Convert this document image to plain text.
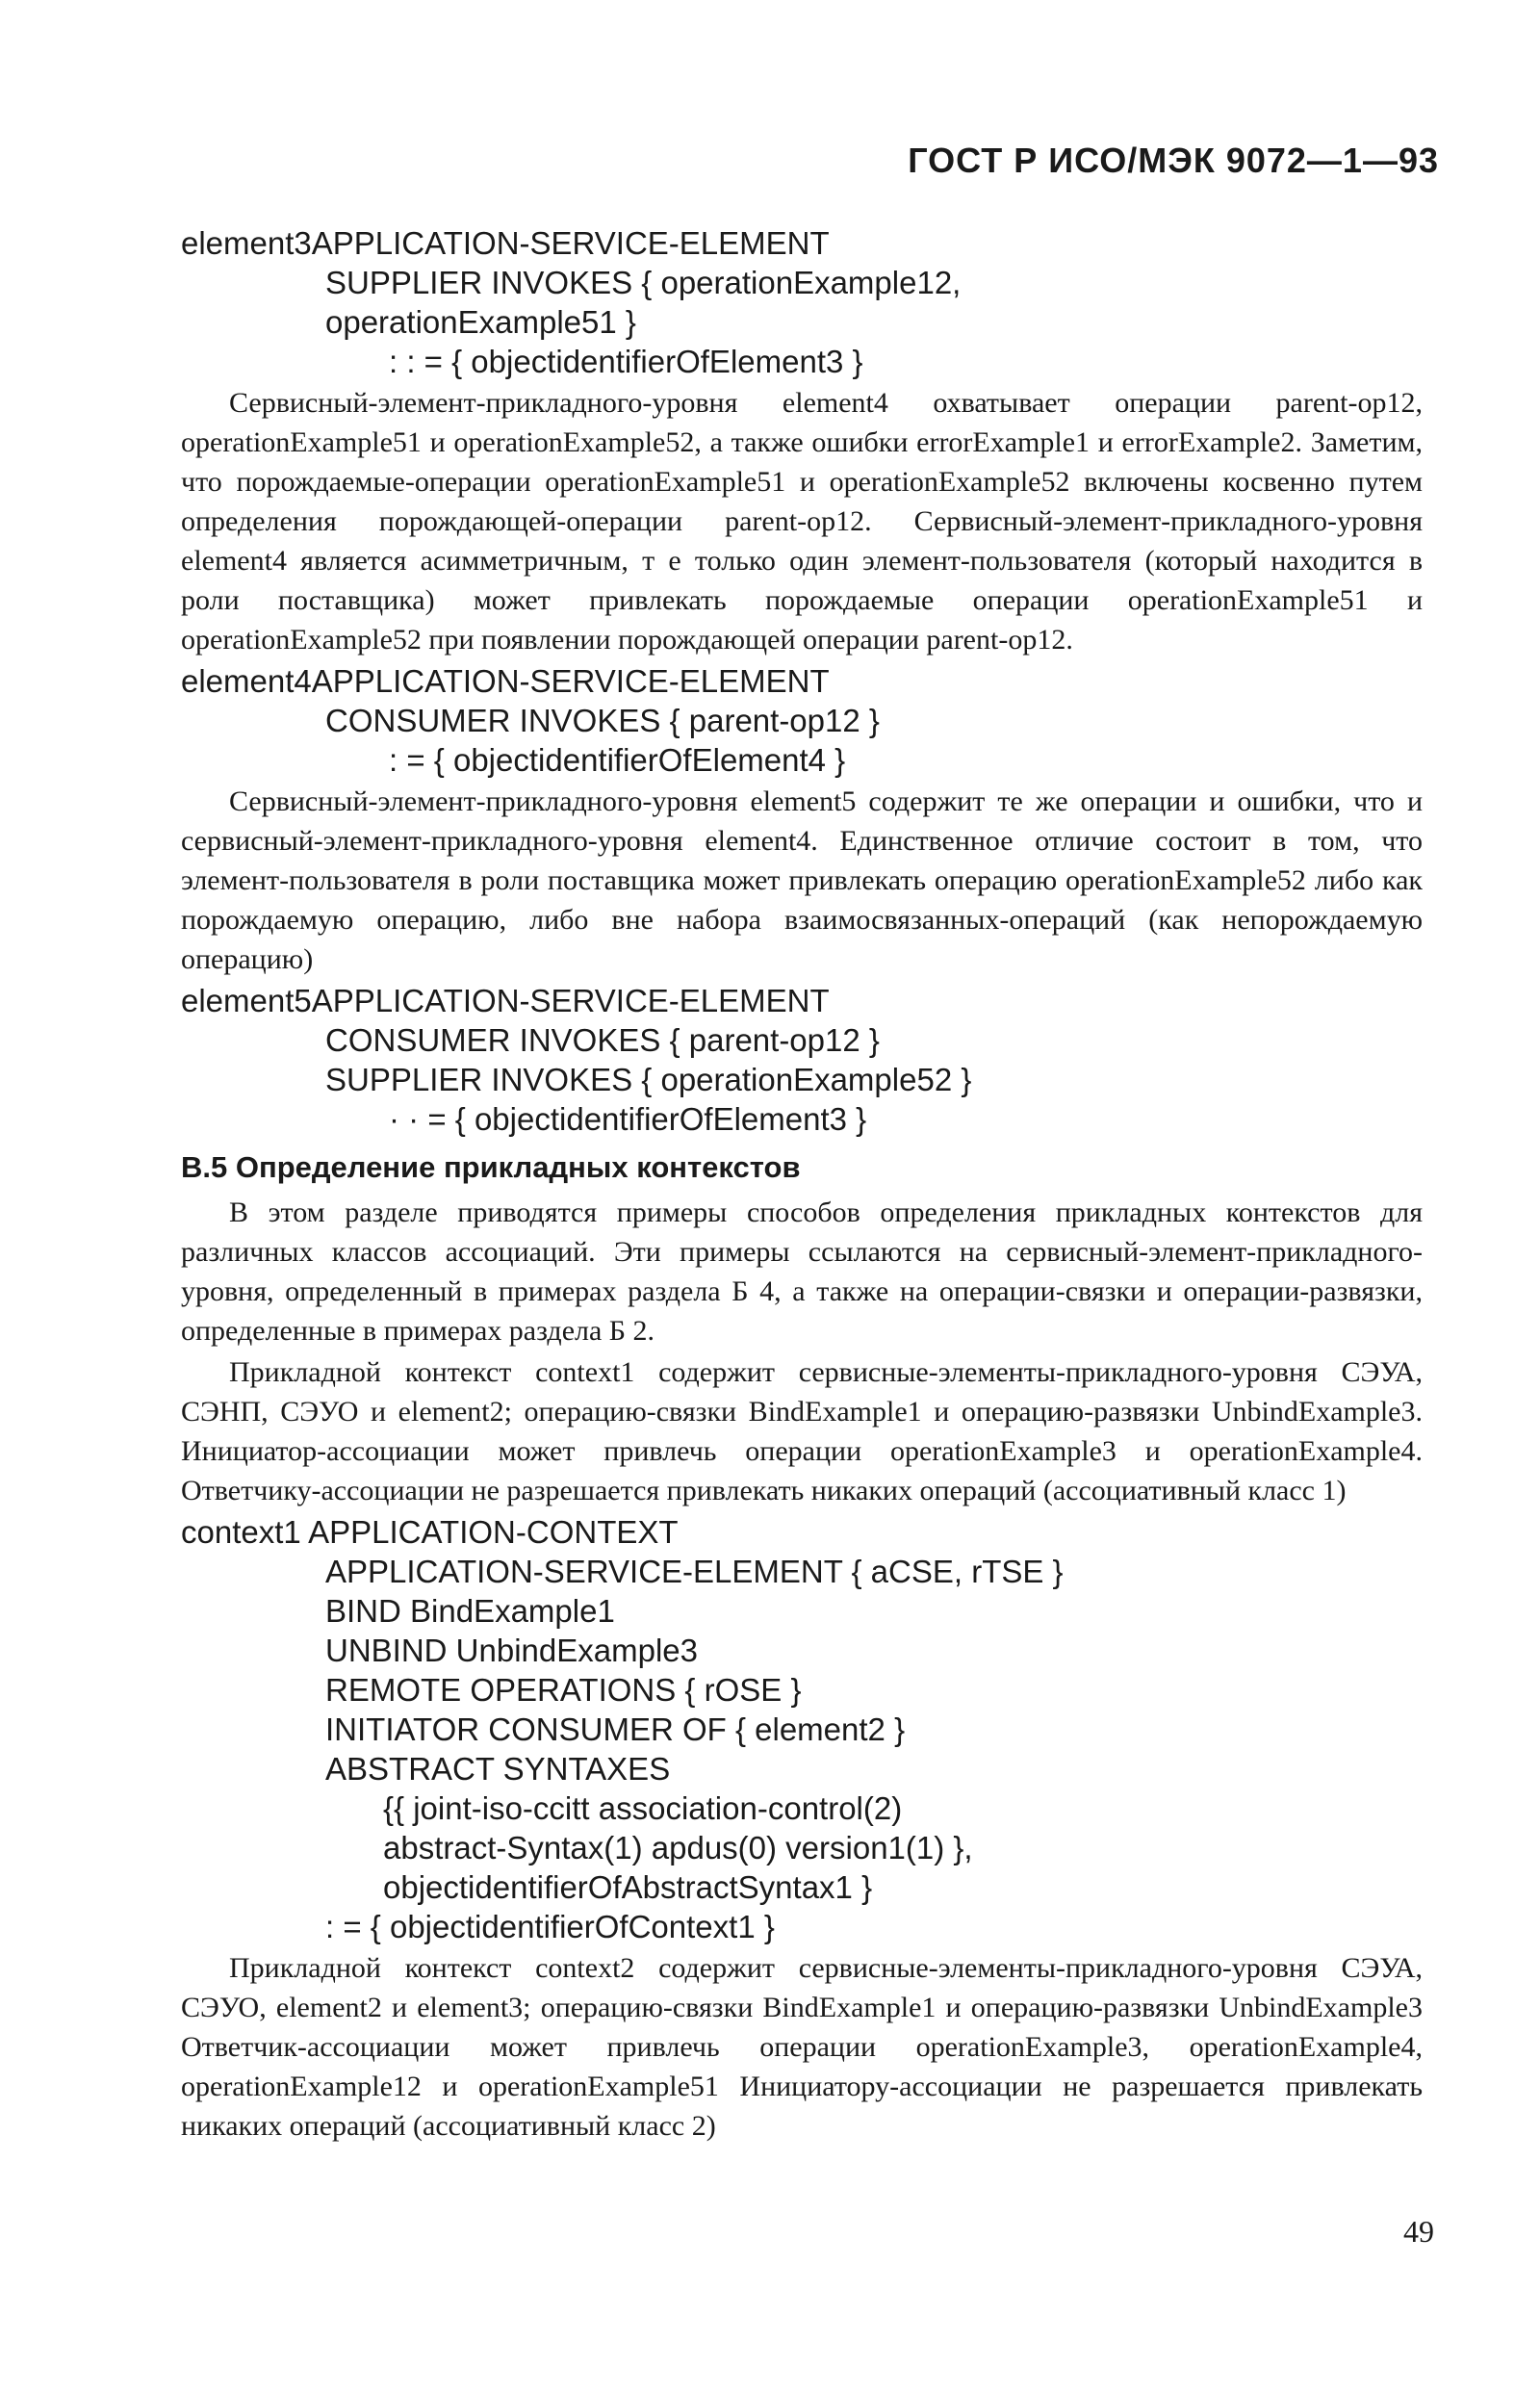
ГОСТ Р ИСО/МЭК 9072—1—93
element3APPLICATION-SERVICE-ELEMENT
SUPPLIER INVOKES { operationExample12,
operationExample51 }
: : = { objectidentifierOfElement3 }

Сервисный-элемент-прикладного-уровня element4 охватывает операции parent-op12, operationExample51 и operationExample52, а также ошибки errorExample1 и errorExample2. Заметим, что порождаемые-операции operationExample51 и operationExample52 включены косвенно путем определения порождающей-операции parent-op12. Сервисный-элемент-прикладного-уровня element4 является асимметричным, т е только один элемент-пользователя (который находится в роли поставщика) может привлекать порождаемые операции operationExample51 и operationExample52 при появлении порождающей операции parent-op12.

element4APPLICATION-SERVICE-ELEMENT
CONSUMER INVOKES { parent-op12 }
: = { objectidentifierOfElement4 }

Сервисный-элемент-прикладного-уровня element5 содержит те же операции и ошибки, что и сервисный-элемент-прикладного-уровня element4. Единственное отличие состоит в том, что элемент-пользователя в роли поставщика может привлекать операцию operationExample52 либо как порождаемую операцию, либо вне набора взаимосвязанных-операций (как непорождаемую операцию)

element5APPLICATION-SERVICE-ELEMENT
CONSUMER INVOKES { parent-op12 }
SUPPLIER INVOKES { operationExample52 }
· · = { objectidentifierOfElement3 }
B.5 Определение прикладных контекстов

В этом разделе приводятся примеры способов определения прикладных контекстов для различных классов ассоциаций. Эти примеры ссылаются на сервисный-элемент-прикладного-уровня, определенный в примерах раздела Б 4, а также на операции-связки и операции-развязки, определенные в примерах раздела Б 2.

Прикладной контекст context1 содержит сервисные-элементы-прикладного-уровня СЭУА, СЭНП, СЭУО и element2; операцию-связки BindExample1 и операцию-развязки UnbindExample3. Инициатор-ассоциации может привлечь операции operationExample3 и operationExample4. Ответчику-ассоциации не разрешается привлекать никаких операций (ассоциативный класс 1)

context1 APPLICATION-CONTEXT
APPLICATION-SERVICE-ELEMENT { aCSE, rTSE }
BIND BindExample1
UNBIND UnbindExample3
REMOTE OPERATIONS { rOSE }
INITIATOR CONSUMER OF { element2 }
ABSTRACT SYNTAXES
{{ joint-iso-ccitt association-control(2)
abstract-Syntax(1) apdus(0) version1(1) },
objectidentifierOfAbstractSyntax1 }
: = { objectidentifierOfContext1 }

Прикладной контекст context2 содержит сервисные-элементы-прикладного-уровня СЭУА, СЭУО, element2 и element3; операцию-связки BindExample1 и операцию-развязки UnbindExample3 Ответчик-ассоциации может привлечь операции operationExample3, operationExample4, operationExample12 и operationExample51 Инициатору-ассоциации не разрешается привлекать никаких операций (ассоциативный класс 2)

49
